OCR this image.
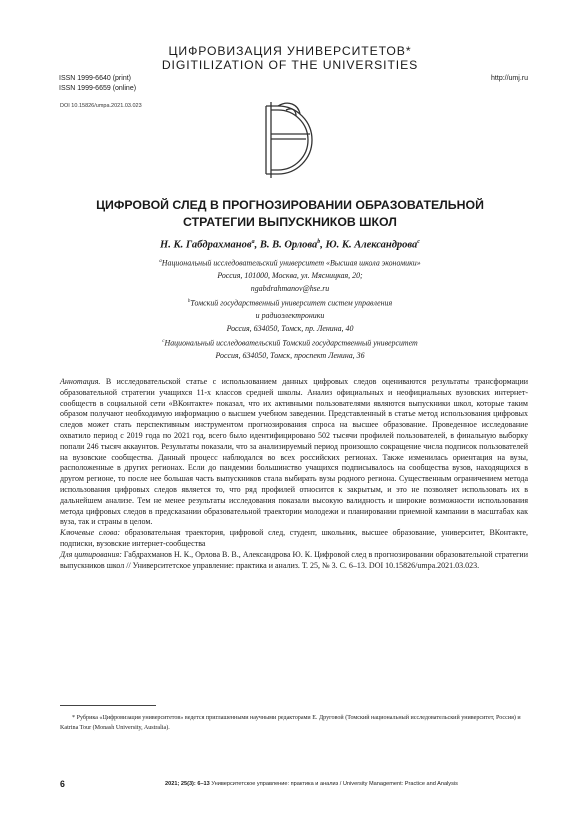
ЦИФРОВИЗАЦИЯ УНИВЕРСИТЕТОВ*
DIGITILIZATION OF THE UNIVERSITIES
ISSN 1999-6640 (print)
ISSN 1999-6659 (online)
http://umj.ru
DOI 10.15826/umpa.2021.03.023
ЦИФРОВОЙ СЛЕД В ПРОГНОЗИРОВАНИИ ОБРАЗОВАТЕЛЬНОЙ
СТРАТЕГИИ ВЫПУСКНИКОВ ШКОЛ
Н. К. Габдрахманов$^a$, В. В. Орлова$^b$, Ю. К. Александрова$^c$
$^a$Национальный исследовательский университет «Высшая школа экономики»
Россия, 101000, Москва, ул. Мясницкая, 20;
ngabdrahmanov@hse.ru
$^b$Томский государственный университет систем управления
и радиоэлектроники
Россия, 634050, Томск, пр. Ленина, 40
$^c$Национальный исследовательский Томский государственный университет
Россия, 634050, Томск, проспект Ленина, 36

Аннотация. В исследовательской статье с использованием данных цифровых следов оцениваются результаты трансформации образовательной стратегии учащихся 11-х классов средней школы. Анализ официальных и неофициальных вузовских интернет-сообществ в социальной сети «ВКонтакте» показал, что их активными пользователями являются выпускники школ, которые таким образом получают необходимую информацию о высшем учебном заведении. Представленный в статье метод использования цифровых следов может стать перспективным инструментом прогнозирования спроса на высшее образование. Проведенное исследование охватило период с 2019 года по 2021 год, всего было идентифицировано 502 тысячи профилей пользователей, в финальную выборку попали 246 тысяч аккаунтов. Результаты показали, что за анализируемый период произошло сокращение числа подписок пользователей на вузовские сообщества. Данный процесс наблюдался во всех российских регионах. Также изменилась ориентация на вузы, расположенные в других регионах. Если до пандемии большинство учащихся подписывалось на сообщества вузов, находящихся в другом регионе, то после нее большая часть выпускников стала выбирать вузы родного региона. Существенным ограничением метода использования цифровых следов является то, что ряд профилей относится к закрытым, и это не позволяет использовать их в дальнейшем анализе. Тем не менее результаты исследования показали высокую валидность и широкие возможности использования метода цифровых следов в предсказании образовательной траектории молодежи и планировании приемной кампании в масштабах как вуза, так и страны в целом.

Ключевые слова: образовательная траектория, цифровой след, студент, школьник, высшее образование, университет, ВКонтакте, подписки, вузовские интернет-сообщества

Для цитирования: Габдрахманов Н. К., Орлова В. В., Александрова Ю. К. Цифровой след в прогнозировании образовательной стратегии выпускников школ // Университетское управление: практика и анализ. Т. 25, № 3. С. 6–13. DOI 10.15826/umpa.2021.03.023.

* Рубрика «Цифровизация университетов» ведется приглашенными научными редакторами Е. Друговой (Томский национальный исследовательский университет, Россия) и Katrina Tour (Monash University, Australia).
6	2021; 25(3): 6–13 Университетское управление: практика и анализ / University Management: Practice and Analysis
